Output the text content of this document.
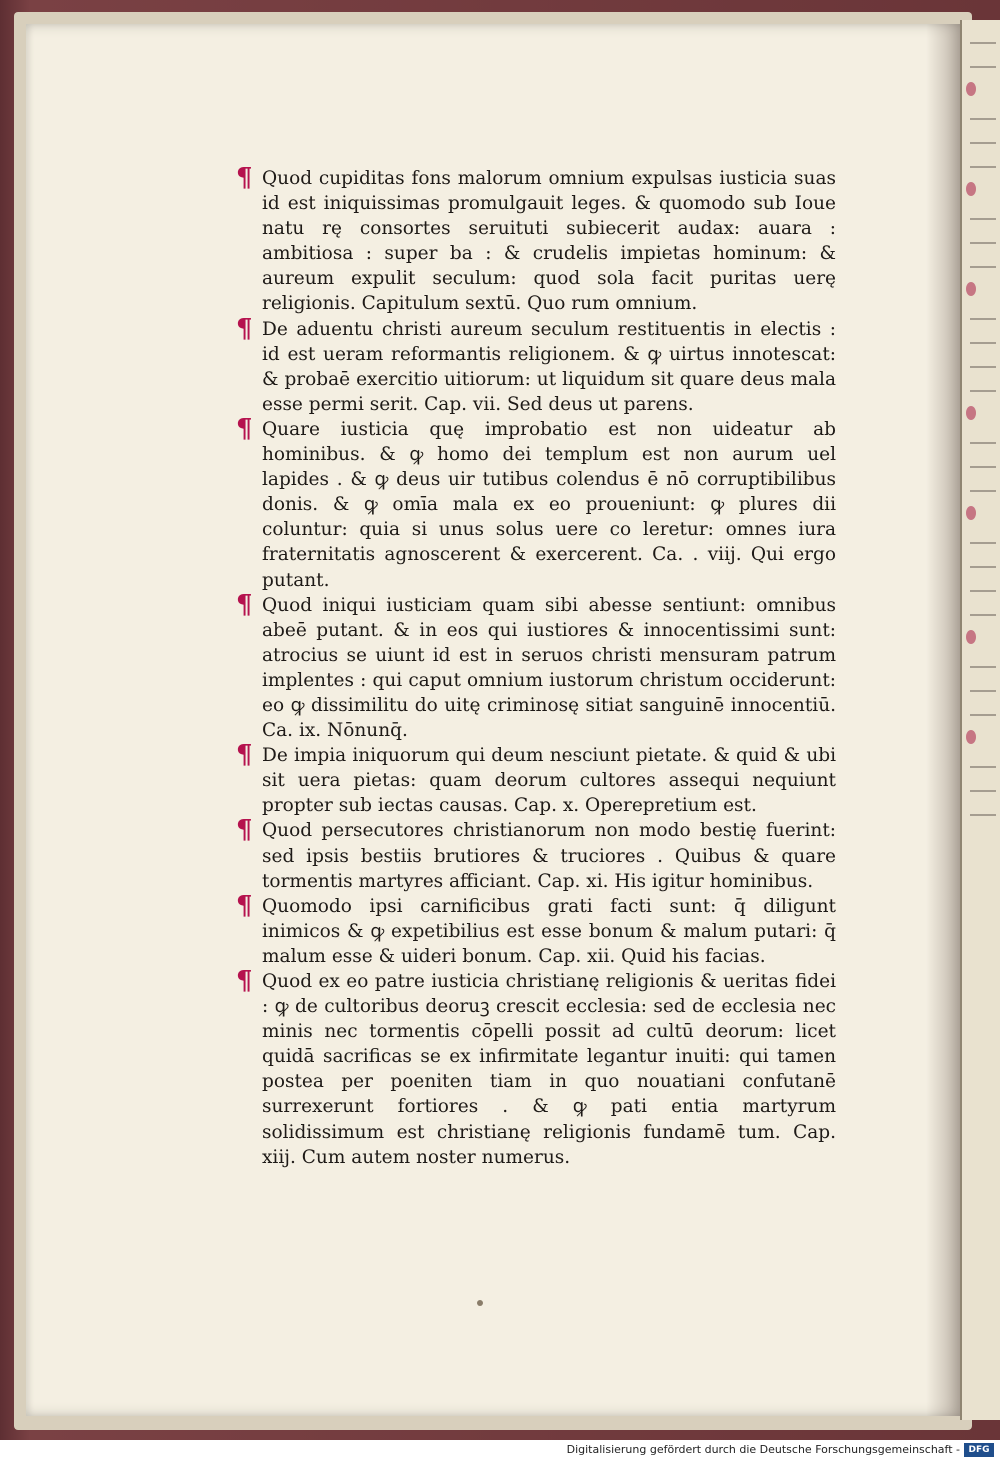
¶ Quod cupiditas fons malorum omnium expulsas iusticia suas id est iniquissimas promulgauit leges. & quomodo sub Ioue natu rę consortes seruituti subiecerit audax: auara : ambitiosa : super ba : & crudelis impietas hominum: & aureum expulit seculum: quod sola facit puritas uerę religionis. Capitulum sextū. Quo rum omnium.
¶ De aduentu christi aureum seculum restituentis in electis : id est ueram reformantis religionem. & ꝙ uirtus innotescat: & probaē exercitio uitiorum: ut liquidum sit quare deus mala esse permi serit. Cap. vii. Sed deus ut parens.
¶ Quare iusticia quę improbatio est non uideatur ab hominibus. & ꝙ homo dei templum est non aurum uel lapides . & ꝙ deus uir tutibus colendus ē nō corruptibilibus donis. & ꝙ omīa mala ex eo proueniunt: ꝙ plures dii coluntur: quia si unus solus uere co leretur: omnes iura fraternitatis agnoscerent & exercerent. Ca. . viij. Qui ergo putant.
¶ Quod iniqui iusticiam quam sibi abesse sentiunt: omnibus abeē putant. & in eos qui iustiores & innocentissimi sunt: atrocius se uiunt id est in seruos christi mensuram patrum implentes : qui caput omnium iustorum christum occiderunt: eo ꝙ dissimilitu do uitę criminosę sitiat sanguinē innocentiū. Ca. ix. Nōnunq̄.
¶ De impia iniquorum qui deum nesciunt pietate. & quid & ubi sit uera pietas: quam deorum cultores assequi nequiunt propter sub iectas causas. Cap. x. Operepretium est.
¶ Quod persecutores christianorum non modo bestię fuerint: sed ipsis bestiis brutiores & truciores . Quibus & quare tormentis martyres afficiant. Cap. xi. His igitur hominibus.
¶ Quomodo ipsi carnificibus grati facti sunt: q̄ diligunt inimicos & ꝙ expetibilius est esse bonum & malum putari: q̄ malum esse & uideri bonum. Cap. xii. Quid his facias.
¶ Quod ex eo patre iusticia christianę religionis & ueritas fidei : ꝙ de cultoribus deoruꝫ crescit ecclesia: sed de ecclesia nec minis nec tormentis cōpelli possit ad cultū deorum: licet quidā sacrificas se ex infirmitate legantur inuiti: qui tamen postea per poeniten tiam in quo nouatiani confutanē surrexerunt fortiores . & ꝙ pati entia martyrum solidissimum est christianę religionis fundamē tum. Cap. xiij. Cum autem noster numerus.
Digitalisierung gefördert durch die Deutsche Forschungsgemeinschaft - DFG
